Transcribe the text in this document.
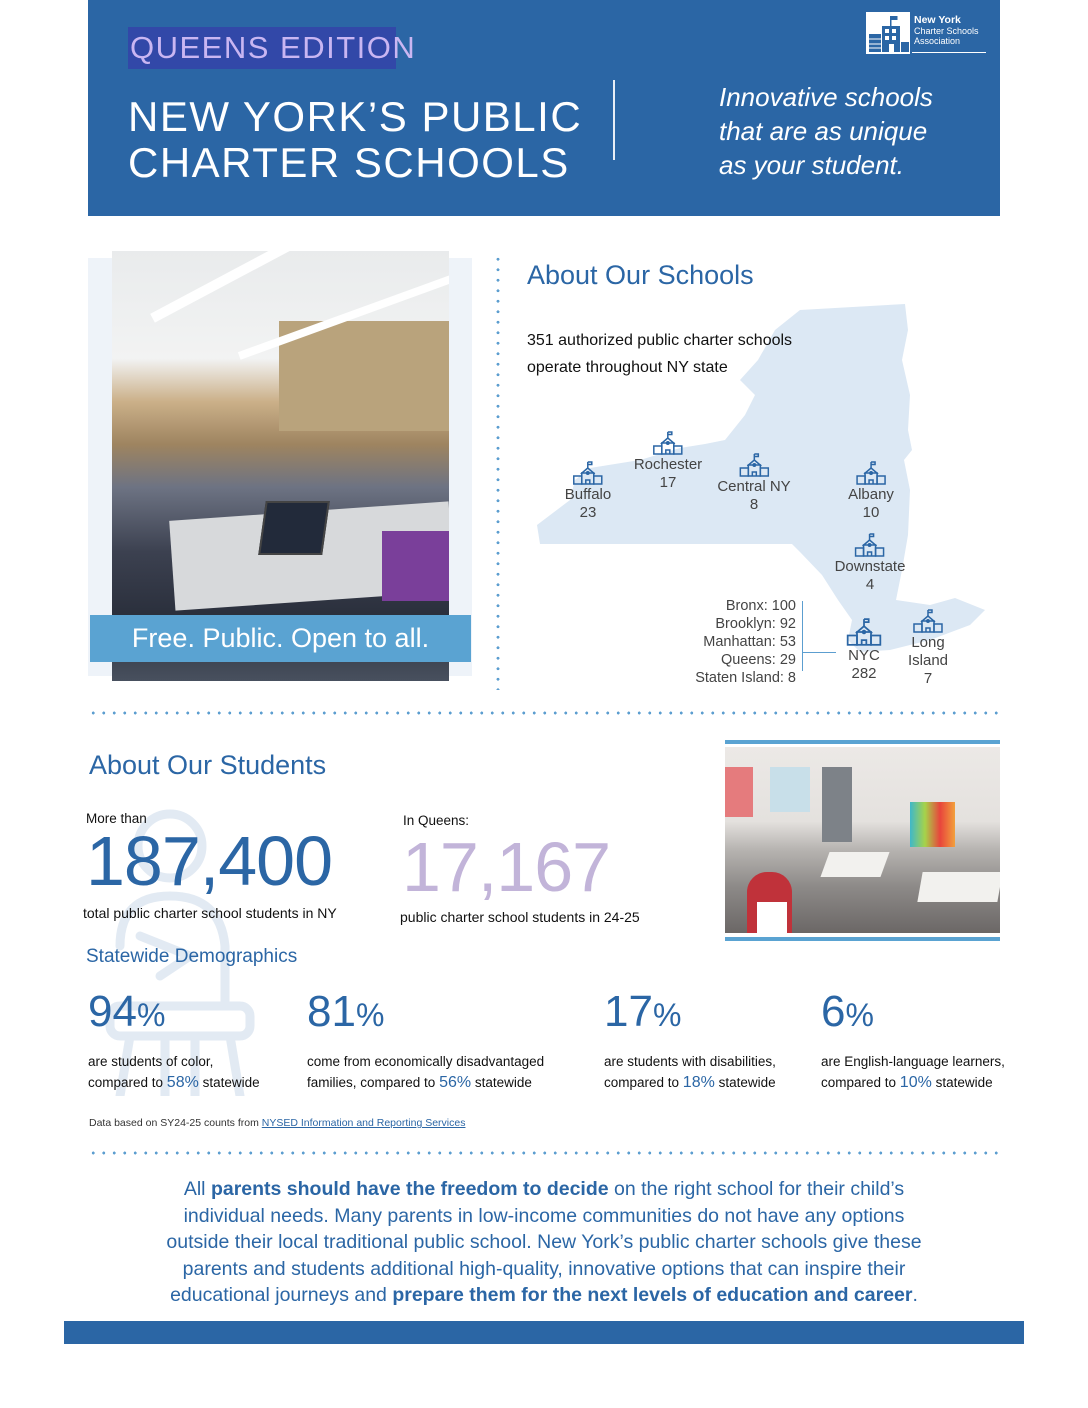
QUEENS EDITION
NEW YORK’S PUBLIC
CHARTER SCHOOLS
Innovative schools
that are as unique
as your student.
New York
Charter Schools
Association
Free. Public. Open to all.
About Our Schools
351 authorized public charter schools
operate throughout NY state
Buffalo
23
Rochester
17	Central NY
8
Albany
10
Downstate
4
NYC
282
Long
Island
7
Bronx: 100
Brooklyn: 92
Manhattan: 53
Queens: 29
Staten Island: 8
About Our Students
More than
187,400
total public charter school students in NY
In Queens:
17,167
public charter school students in 24-25
Statewide Demographics
94%
are students of color,
compared to 58% statewide
81%
come from economically disadvantaged
families, compared to 56% statewide
17%
are students with disabilities,
compared to 18% statewide
6%
are English-language learners,
compared to 10% statewide
Data based on SY24-25 counts from NYSED Information and Reporting Services
All parents should have the freedom to decide on the right school for their child’s individual needs. Many parents in low-income communities do not have any options outside their local traditional public school. New York’s public charter schools give these parents and students additional high-quality, innovative options that can inspire their educational journeys and prepare them for the next levels of education and career.
